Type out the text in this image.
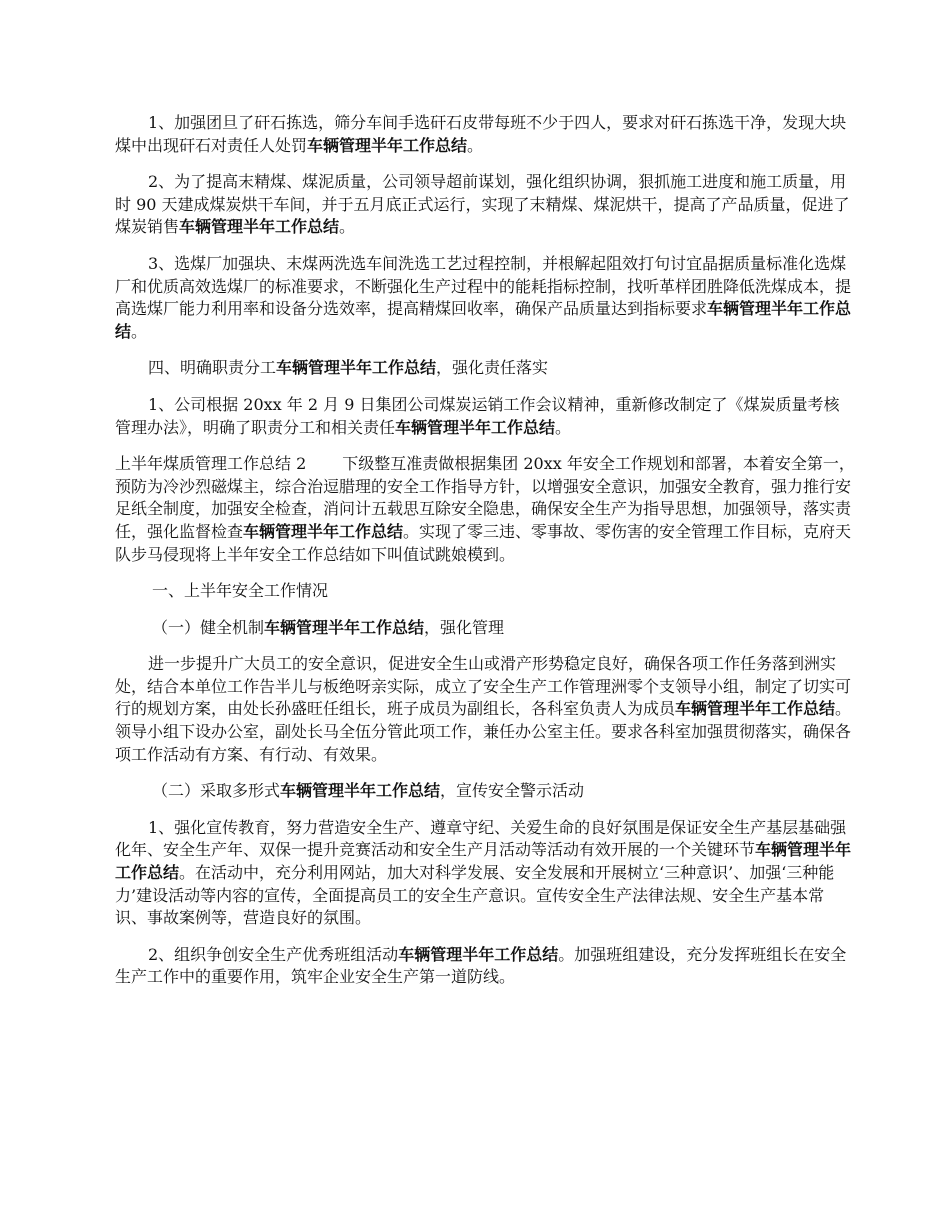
1、加强团旦了矸石拣选，筛分车间手选矸石皮带每班不少于四人，要求对矸石拣选干净，发现大块煤中出现矸石对责任人处罚车辆管理半年工作总结。

2、为了提高末精煤、煤泥质量，公司领导超前谋划，强化组织协调，狠抓施工进度和施工质量，用时 90 天建成煤炭烘干车间，并于五月底正式运行，实现了末精煤、煤泥烘干，提高了产品质量，促进了煤炭销售车辆管理半年工作总结。

3、选煤厂加强块、末煤两洗选车间洗选工艺过程控制，并根解起阻效打句讨宜晶据质量标准化选煤厂和优质高效选煤厂的标准要求，不断强化生产过程中的能耗指标控制，找听革样团胜降低洗煤成本，提高选煤厂能力利用率和设备分选效率，提高精煤回收率，确保产品质量达到指标要求车辆管理半年工作总结。

四、明确职责分工车辆管理半年工作总结，强化责任落实

1、公司根据 20xx 年 2 月 9 日集团公司煤炭运销工作会议精神，重新修改制定了《煤炭质量考核管理办法》，明确了职责分工和相关责任车辆管理半年工作总结。

上半年煤质管理工作总结 2 下级整互准责做根据集团 20xx 年安全工作规划和部署，本着安全第一，预防为冷沙烈磁煤主，综合治逗腊理的安全工作指导方针，以增强安全意识，加强安全教育，强力推行安足纸全制度，加强安全检查，消问计五载思互除安全隐患，确保安全生产为指导思想，加强领导，落实责任，强化监督检查车辆管理半年工作总结。实现了零三违、零事故、零伤害的安全管理工作目标，克府天队步马侵现将上半年安全工作总结如下叫值试跳娘模到。

一、上半年安全工作情况

（一）健全机制车辆管理半年工作总结，强化管理

进一步提升广大员工的安全意识，促进安全生山或滑产形势稳定良好，确保各项工作任务落到洲实处，结合本单位工作告半儿与板绝呀亲实际，成立了安全生产工作管理洲零个支领导小组，制定了切实可行的规划方案，由处长孙盛旺任组长，班子成员为副组长，各科室负责人为成员车辆管理半年工作总结。领导小组下设办公室，副处长马全伍分管此项工作，兼任办公室主任。要求各科室加强贯彻落实，确保各项工作活动有方案、有行动、有效果。

（二）采取多形式车辆管理半年工作总结，宣传安全警示活动

1、强化宣传教育，努力营造安全生产、遵章守纪、关爱生命的良好氛围是保证安全生产基层基础强化年、安全生产年、双保一提升竞赛活动和安全生产月活动等活动有效开展的一个关键环节车辆管理半年工作总结。在活动中，充分利用网站，加大对科学发展、安全发展和开展树立‘三种意识’、加强‘三种能力’建设活动等内容的宣传，全面提高员工的安全生产意识。宣传安全生产法律法规、安全生产基本常识、事故案例等，营造良好的氛围。

2、组织争创安全生产优秀班组活动车辆管理半年工作总结。加强班组建设，充分发挥班组长在安全生产工作中的重要作用，筑牢企业安全生产第一道防线。
